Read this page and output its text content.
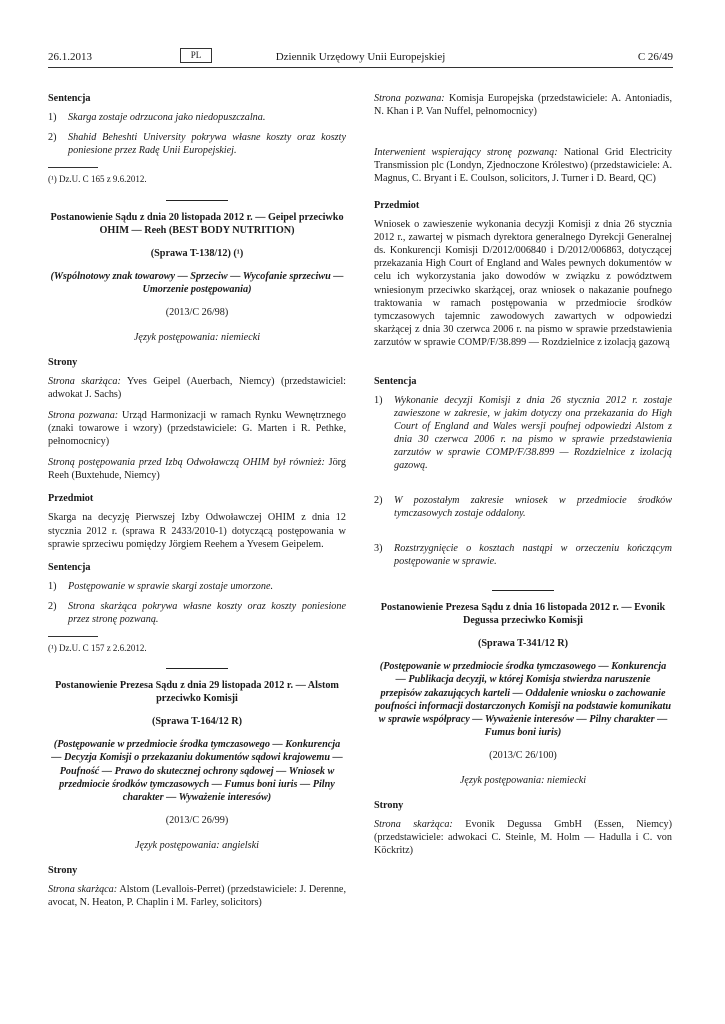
26.1.2013	PL	Dziennik Urzędowy Unii Europejskiej	C 26/49
Sentencja
1) Skarga zostaje odrzucona jako niedopuszczalna.
2) Shahid Beheshti University pokrywa własne koszty oraz koszty poniesione przez Radę Unii Europejskiej.
(¹) Dz.U. C 165 z 9.6.2012.
Postanowienie Sądu z dnia 20 listopada 2012 r. — Geipel przeciwko OHIM — Reeh (BEST BODY NUTRITION)
(Sprawa T-138/12) (¹)
(Wspólnotowy znak towarowy — Sprzeciw — Wycofanie sprzeciwu — Umorzenie postępowania)
(2013/C 26/98)
Język postępowania: niemiecki
Strony
Strona skarżąca: Yves Geipel (Auerbach, Niemcy) (przedstawiciel: adwokat J. Sachs)
Strona pozwana: Urząd Harmonizacji w ramach Rynku Wewnętrznego (znaki towarowe i wzory) (przedstawiciele: G. Marten i R. Pethke, pełnomocnicy)
Stroną postępowania przed Izbą Odwoławczą OHIM był również: Jörg Reeh (Buxtehude, Niemcy)
Przedmiot
Skarga na decyzję Pierwszej Izby Odwoławczej OHIM z dnia 12 stycznia 2012 r. (sprawa R 2433/2010-1) dotyczącą postępowania w sprawie sprzeciwu pomiędzy Jörgiem Reehem a Yvesem Geipelem.
Sentencja
1) Postępowanie w sprawie skargi zostaje umorzone.
2) Strona skarżąca pokrywa własne koszty oraz koszty poniesione przez stronę pozwaną.
(¹) Dz.U. C 157 z 2.6.2012.
Postanowienie Prezesa Sądu z dnia 29 listopada 2012 r. — Alstom przeciwko Komisji
(Sprawa T-164/12 R)
(Postępowanie w przedmiocie środka tymczasowego — Konkurencja — Decyzja Komisji o przekazaniu dokumentów sądowi krajowemu — Poufność — Prawo do skutecznej ochrony sądowej — Wniosek w przedmiocie środków tymczasowych — Fumus boni iuris — Pilny charakter — Wyważenie interesów)
(2013/C 26/99)
Język postępowania: angielski
Strony
Strona skarżąca: Alstom (Levallois-Perret) (przedstawiciele: J. Derenne, avocat, N. Heaton, P. Chaplin i M. Farley, solicitors)
Strona pozwana: Komisja Europejska (przedstawiciele: A. Antoniadis, N. Khan i P. Van Nuffel, pełnomocnicy)
Interwenient wspierający stronę pozwaną: National Grid Electricity Transmission plc (Londyn, Zjednoczone Królestwo) (przedstawiciele: A. Magnus, C. Bryant i E. Coulson, solicitors, J. Turner i D. Beard, QC)
Przedmiot
Wniosek o zawieszenie wykonania decyzji Komisji z dnia 26 stycznia 2012 r., zawartej w pismach dyrektora generalnego Dyrekcji Generalnej ds. Konkurencji Komisji D/2012/006840 i D/2012/006863, dotyczącej przekazania High Court of England and Wales pewnych dokumentów w celu ich wykorzystania jako dowodów w związku z powództwem wniesionym przeciwko skarżącej, oraz wniosek o nakazanie poufnego traktowania w ramach postępowania w przedmiocie środków tymczasowych tajemnic zawodowych zawartych w odpowiedzi skarżącej z dnia 30 czerwca 2006 r. na pismo w sprawie przedstawienia zarzutów w sprawie COMP/F/38.899 — Rozdzielnice z izolacją gazową
Sentencja
1) Wykonanie decyzji Komisji z dnia 26 stycznia 2012 r. zostaje zawieszone w zakresie, w jakim dotyczy ona przekazania do High Court of England and Wales wersji poufnej odpowiedzi Alstom z dnia 30 czerwca 2006 r. na pismo w sprawie przedstawienia zarzutów w sprawie COMP/F/38.899 — Rozdzielnice z izolacją gazową.
2) W pozostałym zakresie wniosek w przedmiocie środków tymczasowych zostaje oddalony.
3) Rozstrzygnięcie o kosztach nastąpi w orzeczeniu kończącym postępowanie w sprawie.
Postanowienie Prezesa Sądu z dnia 16 listopada 2012 r. — Evonik Degussa przeciwko Komisji
(Sprawa T-341/12 R)
(Postępowanie w przedmiocie środka tymczasowego — Konkurencja — Publikacja decyzji, w której Komisja stwierdza naruszenie przepisów zakazujących karteli — Oddalenie wniosku o zachowanie poufności informacji dostarczonych Komisji na podstawie komunikatu w sprawie współpracy — Wyważenie interesów — Pilny charakter — Fumus boni iuris)
(2013/C 26/100)
Język postępowania: niemiecki
Strony
Strona skarżąca: Evonik Degussa GmbH (Essen, Niemcy) (przedstawiciele: adwokaci C. Steinle, M. Holm — Hadulla i C. von Köckritz)
